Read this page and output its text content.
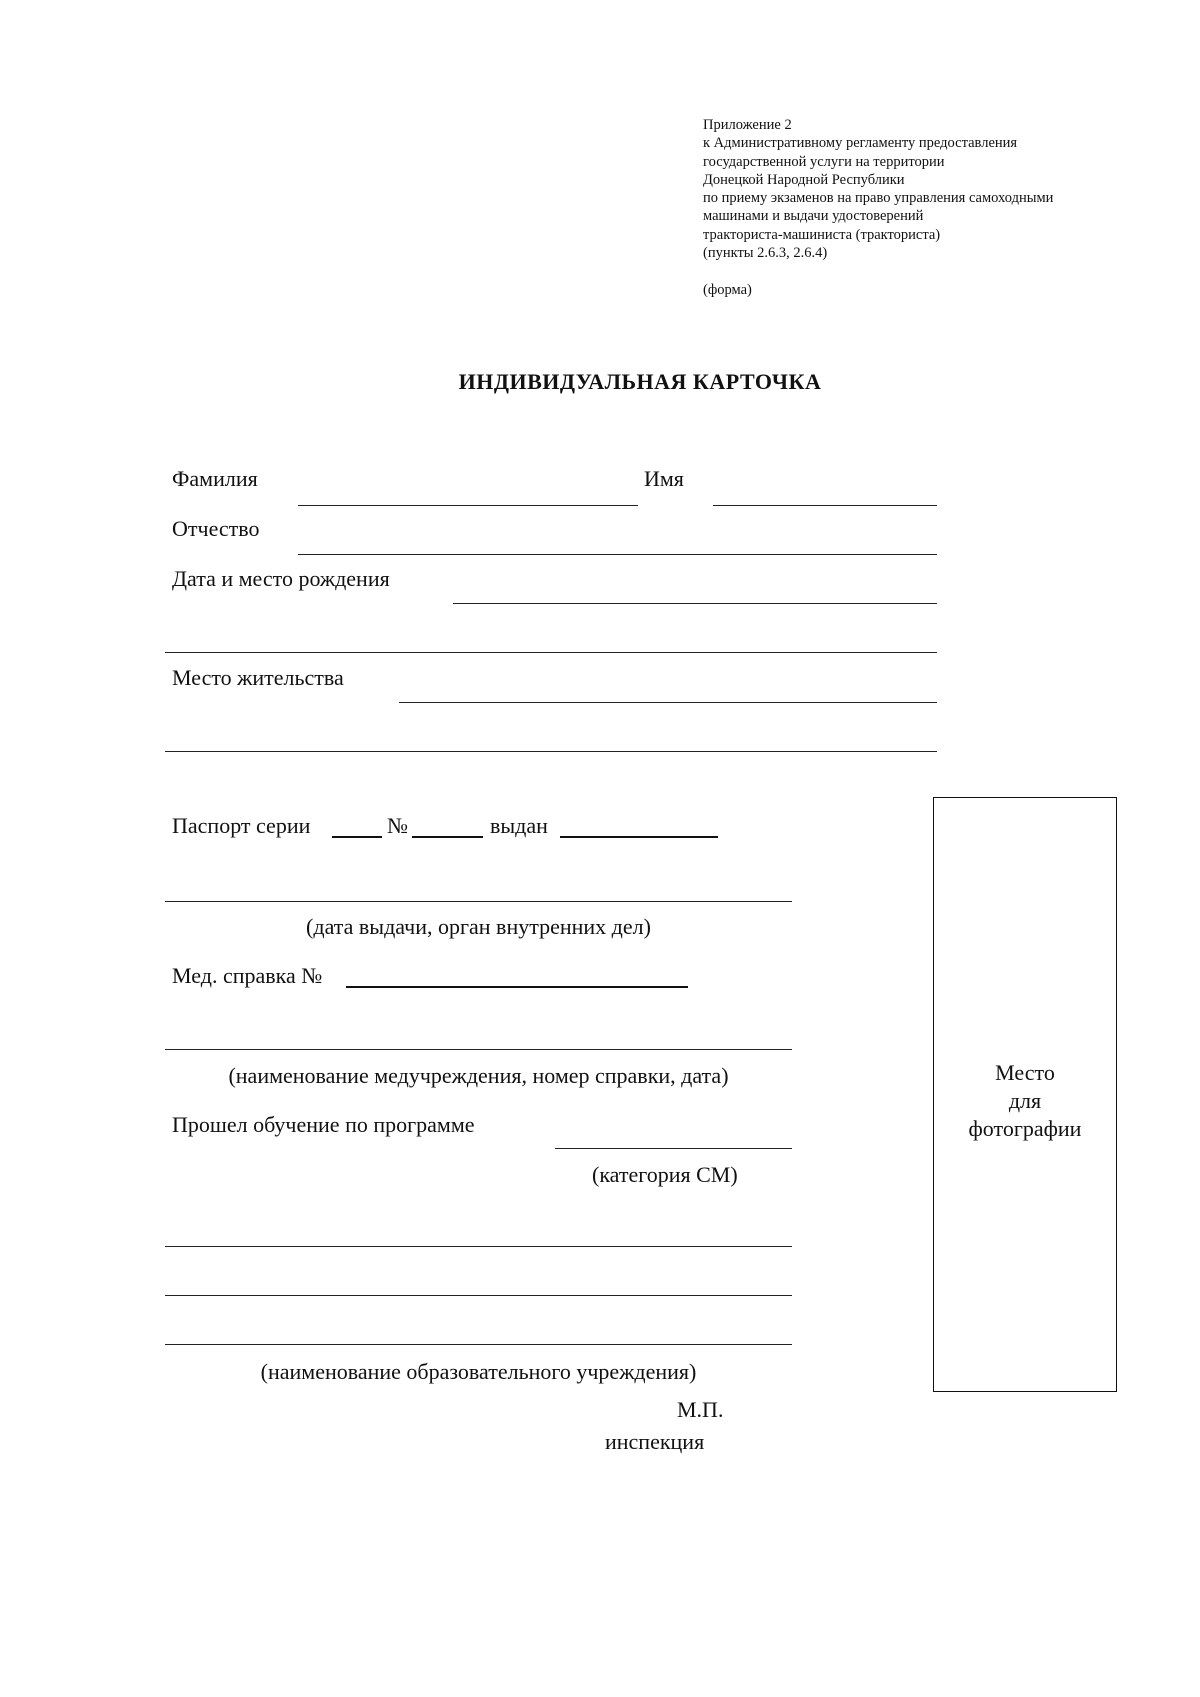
Приложение 2
к Административному регламенту предоставления
государственной услуги на территории
Донецкой Народной Республики
по приему экзаменов на право управления самоходными
машинами и выдачи удостоверений
тракториста-машиниста (тракториста)
(пункты 2.6.3, 2.6.4)
(форма)
ИНДИВИДУАЛЬНАЯ КАРТОЧКА
Фамилия	Имя
Отчество
Дата и место рождения
Место жительства
Место
для
фотографии
Паспорт серии	№	выдан
(дата выдачи, орган внутренних дел)
Мед. справка №
(наименование медучреждения, номер справки, дата)
Прошел обучение по программе
(категория СМ)
(наименование образовательного учреждения)
М.П.
инспекция
